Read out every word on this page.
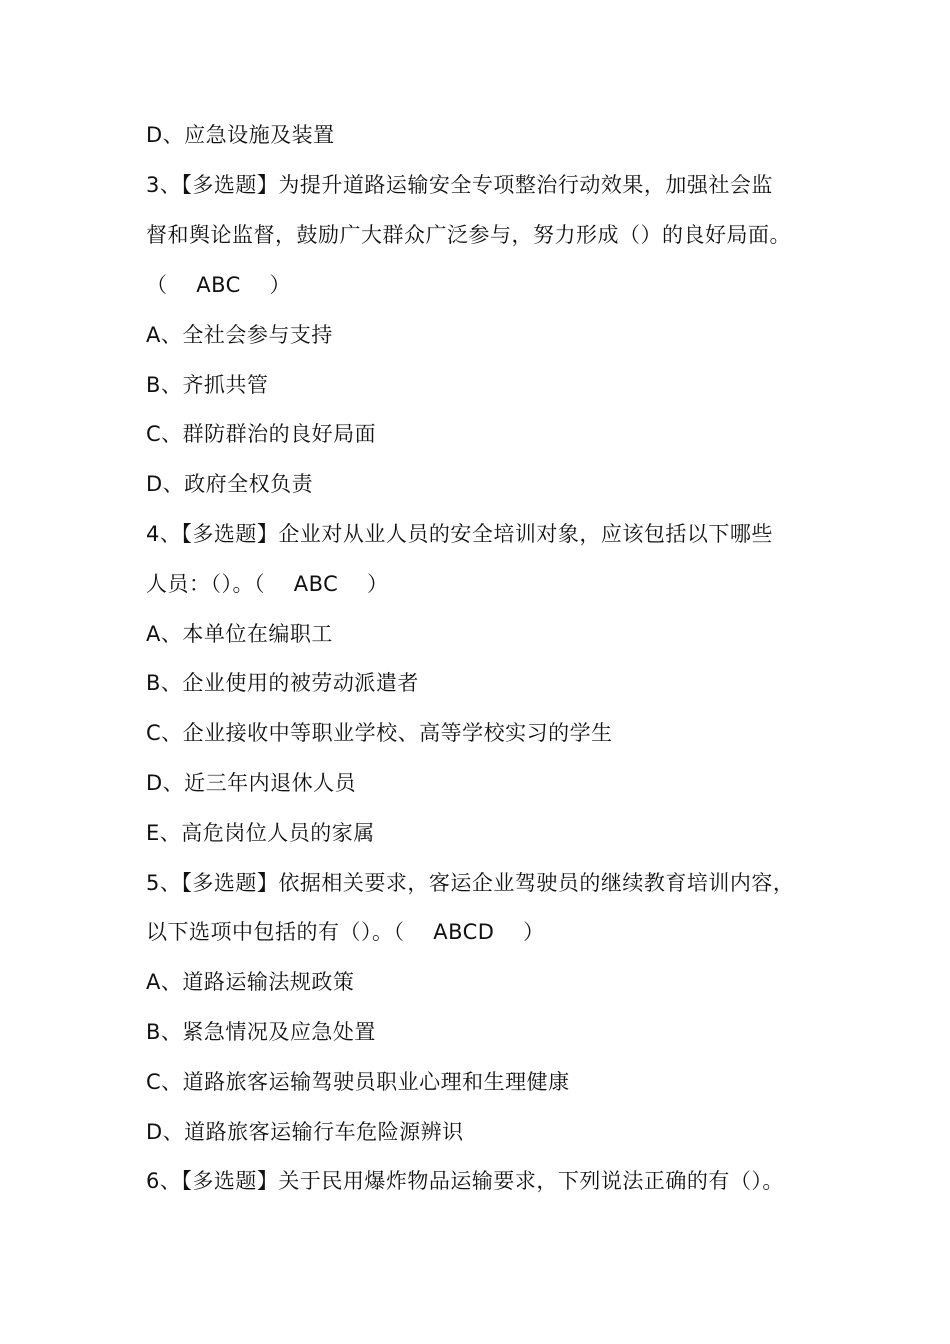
D、应急设施及装置
3、【多选题】为提升道路运输安全专项整治行动效果，加强社会监
督和舆论监督，鼓励广大群众广泛参与，努力形成（）的良好局面。
（    ABC    ）
A、全社会参与支持
B、齐抓共管
C、群防群治的良好局面
D、政府全权负责
4、【多选题】企业对从业人员的安全培训对象，应该包括以下哪些
人员：（）。（    ABC    ）
A、本单位在编职工
B、企业使用的被劳动派遣者
C、企业接收中等职业学校、高等学校实习的学生
D、近三年内退休人员
E、高危岗位人员的家属
5、【多选题】依据相关要求，客运企业驾驶员的继续教育培训内容，
以下选项中包括的有（）。（    ABCD    ）
A、道路运输法规政策
B、紧急情况及应急处置
C、道路旅客运输驾驶员职业心理和生理健康
D、道路旅客运输行车危险源辨识
6、【多选题】关于民用爆炸物品运输要求，下列说法正确的有（）。
